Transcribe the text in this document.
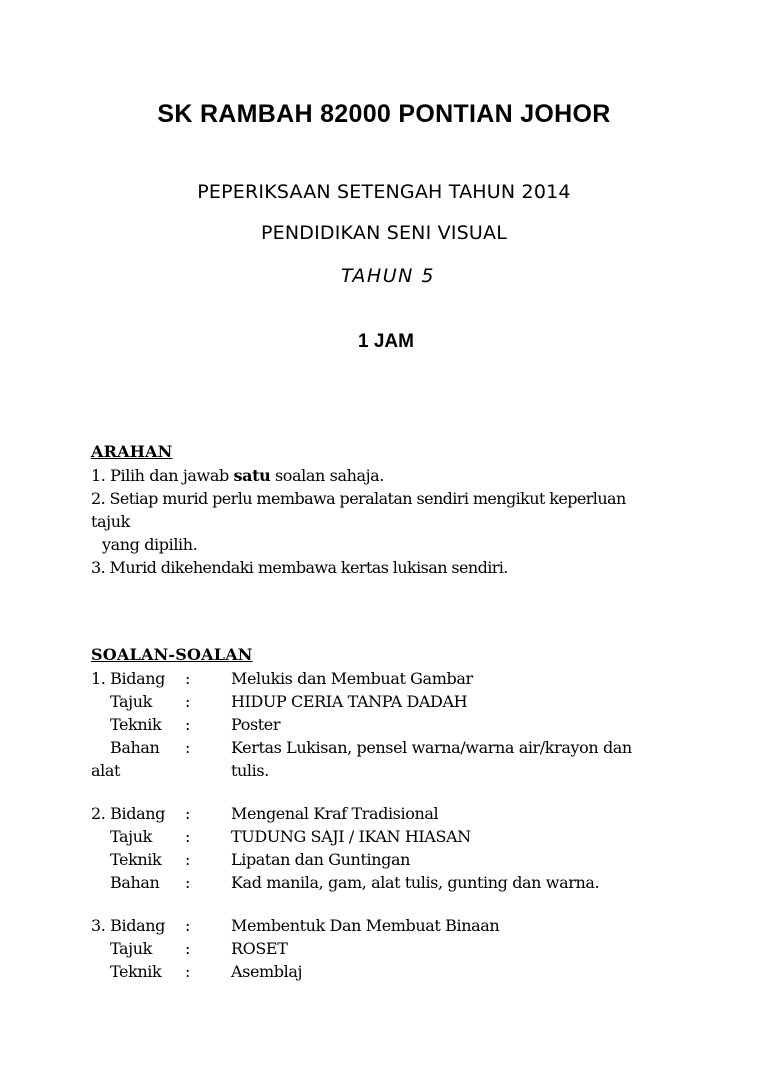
SK RAMBAH 82000 PONTIAN JOHOR
PEPERIKSAAN SETENGAH TAHUN 2014
PENDIDIKAN SENI VISUAL
TAHUN 5
1 JAM
ARAHAN
1. Pilih dan jawab satu soalan sahaja.
2. Setiap murid perlu membawa peralatan sendiri mengikut keperluan
tajuk
yang dipilih.
3. Murid dikehendaki membawa kertas lukisan sendiri.
SOALAN-SOALAN
1. Bidang :	Melukis dan Membuat Gambar
Tajuk :	HIDUP CERIA TANPA DADAH
Teknik :	Poster
Bahan :	Kertas Lukisan, pensel warna/warna air/krayon dan
alat	tulis.
2. Bidang :	Mengenal Kraf Tradisional
Tajuk :	TUDUNG SAJI / IKAN HIASAN
Teknik :	Lipatan dan Guntingan
Bahan :	Kad manila, gam, alat tulis, gunting dan warna.
3. Bidang :	Membentuk Dan Membuat Binaan
Tajuk :	ROSET
Teknik :	Asemblaj
